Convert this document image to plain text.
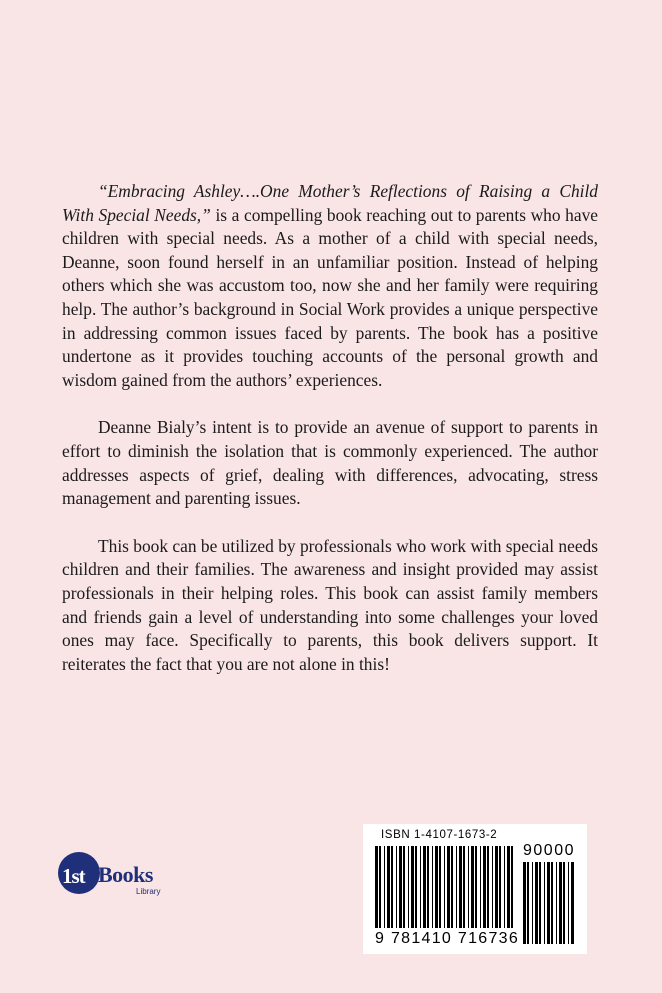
“Embracing Ashley….One Mother’s Reflections of Raising a Child With Special Needs,” is a compelling book reaching out to parents who have children with special needs. As a mother of a child with special needs, Deanne, soon found herself in an unfamiliar position. Instead of helping others which she was accustom too, now she and her family were requiring help. The author’s background in Social Work provides a unique perspective in addressing common issues faced by parents. The book has a positive undertone as it provides touching accounts of the personal growth and wisdom gained from the authors’ experiences.

Deanne Bialy’s intent is to provide an avenue of support to parents in effort to diminish the isolation that is commonly experienced. The author addresses aspects of grief, dealing with differences, advocating, stress management and parenting issues.

This book can be utilized by professionals who work with special needs children and their families. The awareness and insight provided may assist professionals in their helping roles. This book can assist family members and friends gain a level of understanding into some challenges your loved ones may face. Specifically to parents, this book delivers support. It reiterates the fact that you are not alone in this!

1st Books
Library
ISBN 1-4107-1673-2
90000
9 781410 716736
